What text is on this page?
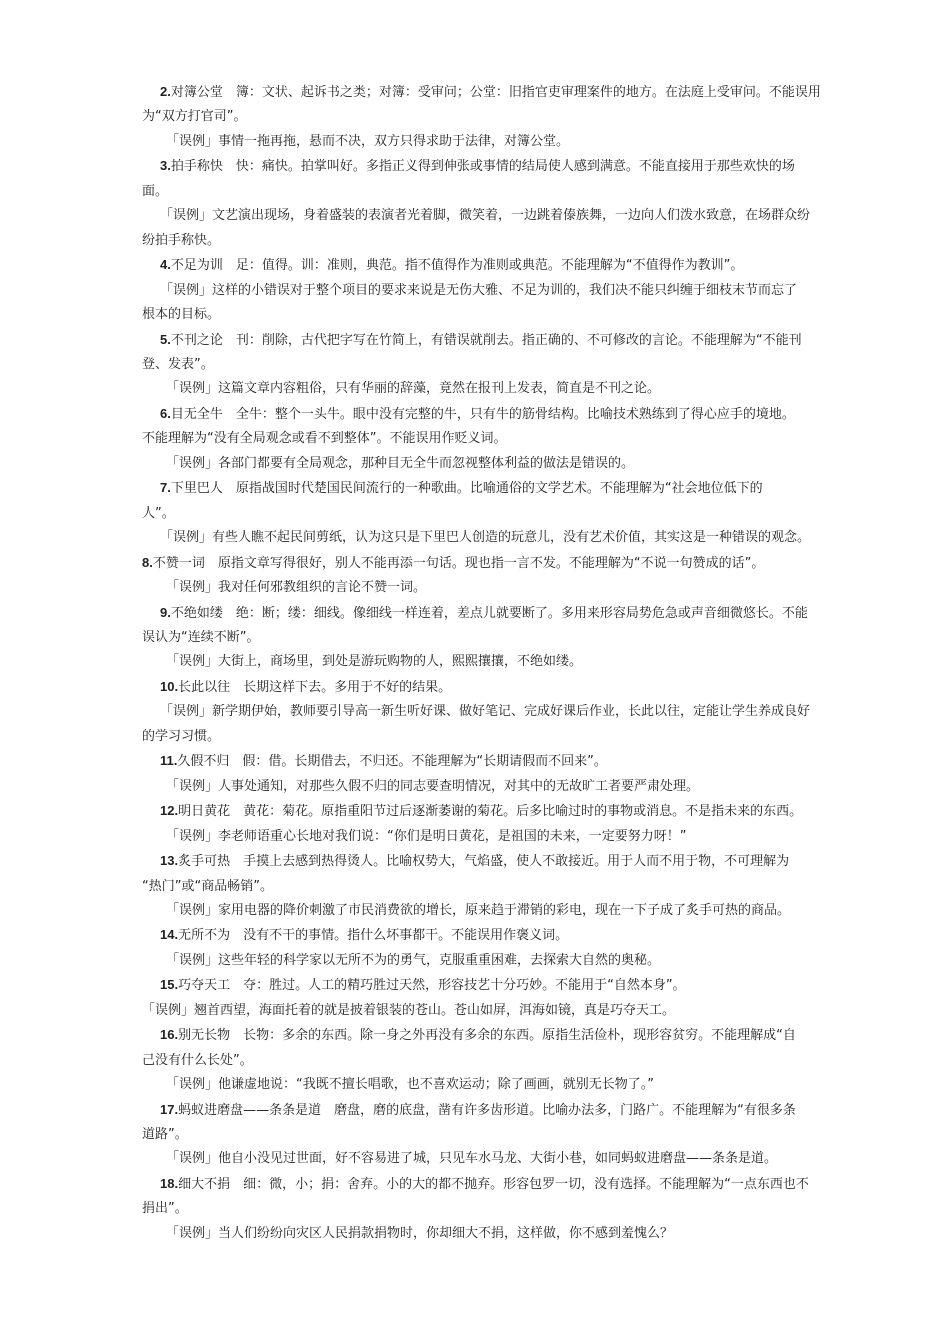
2.对簿公堂　簿：文状、起诉书之类；对簿：受审问；公堂：旧指官吏审理案件的地方。在法庭上受审问。不能误用

为“双方打官司”。

「误例」事情一拖再拖，悬而不决，双方只得求助于法律，对簿公堂。

3.拍手称快　快：痛快。拍掌叫好。多指正义得到伸张或事情的结局使人感到满意。不能直接用于那些欢快的场

面。

「误例」文艺演出现场，身着盛装的表演者光着脚，微笑着，一边跳着傣族舞，一边向人们泼水致意，在场群众纷

纷拍手称快。

4.不足为训　足：值得。训：准则，典范。指不值得作为准则或典范。不能理解为“不值得作为教训”。

「误例」这样的小错误对于整个项目的要求来说是无伤大雅、不足为训的，我们决不能只纠缠于细枝末节而忘了

根本的目标。

5.不刊之论　刊：削除，古代把字写在竹简上，有错误就削去。指正确的、不可修改的言论。不能理解为“不能刊

登、发表”。

「误例」这篇文章内容粗俗，只有华丽的辞藻，竟然在报刊上发表，简直是不刊之论。

6.目无全牛　全牛：整个一头牛。眼中没有完整的牛，只有牛的筋骨结构。比喻技术熟练到了得心应手的境地。

不能理解为“没有全局观念或看不到整体”。不能误用作贬义词。

「误例」各部门都要有全局观念，那种目无全牛而忽视整体利益的做法是错误的。

7.下里巴人　原指战国时代楚国民间流行的一种歌曲。比喻通俗的文学艺术。不能理解为“社会地位低下的

人”。

「误例」有些人瞧不起民间剪纸，认为这只是下里巴人创造的玩意儿，没有艺术价值，其实这是一种错误的观念。

8.不赞一词　原指文章写得很好，别人不能再添一句话。现也指一言不发。不能理解为“不说一句赞成的话”。

「误例」我对任何邪教组织的言论不赞一词。

9.不绝如缕　绝：断；缕：细线。像细线一样连着，差点儿就要断了。多用来形容局势危急或声音细微悠长。不能

误认为“连续不断”。

「误例」大街上，商场里，到处是游玩购物的人，熙熙攘攘，不绝如缕。

10.长此以往　长期这样下去。多用于不好的结果。

「误例」新学期伊始，教师要引导高一新生听好课、做好笔记、完成好课后作业，长此以往，定能让学生养成良好

的学习习惯。

11.久假不归　假：借。长期借去，不归还。不能理解为“长期请假而不回来”。

「误例」人事处通知，对那些久假不归的同志要查明情况，对其中的无故旷工者要严肃处理。

12.明日黄花　黄花：菊花。原指重阳节过后逐渐萎谢的菊花。后多比喻过时的事物或消息。不是指未来的东西。

「误例」李老师语重心长地对我们说：“你们是明日黄花，是祖国的未来，一定要努力呀！”

13.炙手可热　手摸上去感到热得烫人。比喻权势大，气焰盛，使人不敢接近。用于人而不用于物，不可理解为

“热门”或“商品畅销”。

「误例」家用电器的降价刺激了市民消费欲的增长，原来趋于滞销的彩电，现在一下子成了炙手可热的商品。

14.无所不为　没有不干的事情。指什么坏事都干。不能误用作褒义词。

「误例」这些年轻的科学家以无所不为的勇气，克服重重困难，去探索大自然的奥秘。

15.巧夺天工　夺：胜过。人工的精巧胜过天然，形容技艺十分巧妙。不能用于“自然本身”。

「误例」翘首西望，海面托着的就是披着银装的苍山。苍山如屏，洱海如镜，真是巧夺天工。

16.别无长物　长物：多余的东西。除一身之外再没有多余的东西。原指生活俭朴，现形容贫穷。不能理解成“自

己没有什么长处”。

「误例」他谦虚地说：“我既不擅长唱歌，也不喜欢运动；除了画画，就别无长物了。”

17.蚂蚁进磨盘——条条是道　磨盘，磨的底盘，凿有许多齿形道。比喻办法多，门路广。不能理解为“有很多条

道路”。

「误例」他自小没见过世面，好不容易进了城，只见车水马龙、大街小巷，如同蚂蚁进磨盘——条条是道。

18.细大不捐　细：微，小；捐：舍弃。小的大的都不抛弃。形容包罗一切，没有选择。不能理解为“一点东西也不

捐出”。

「误例」当人们纷纷向灾区人民捐款捐物时，你却细大不捐，这样做，你不感到羞愧么？
